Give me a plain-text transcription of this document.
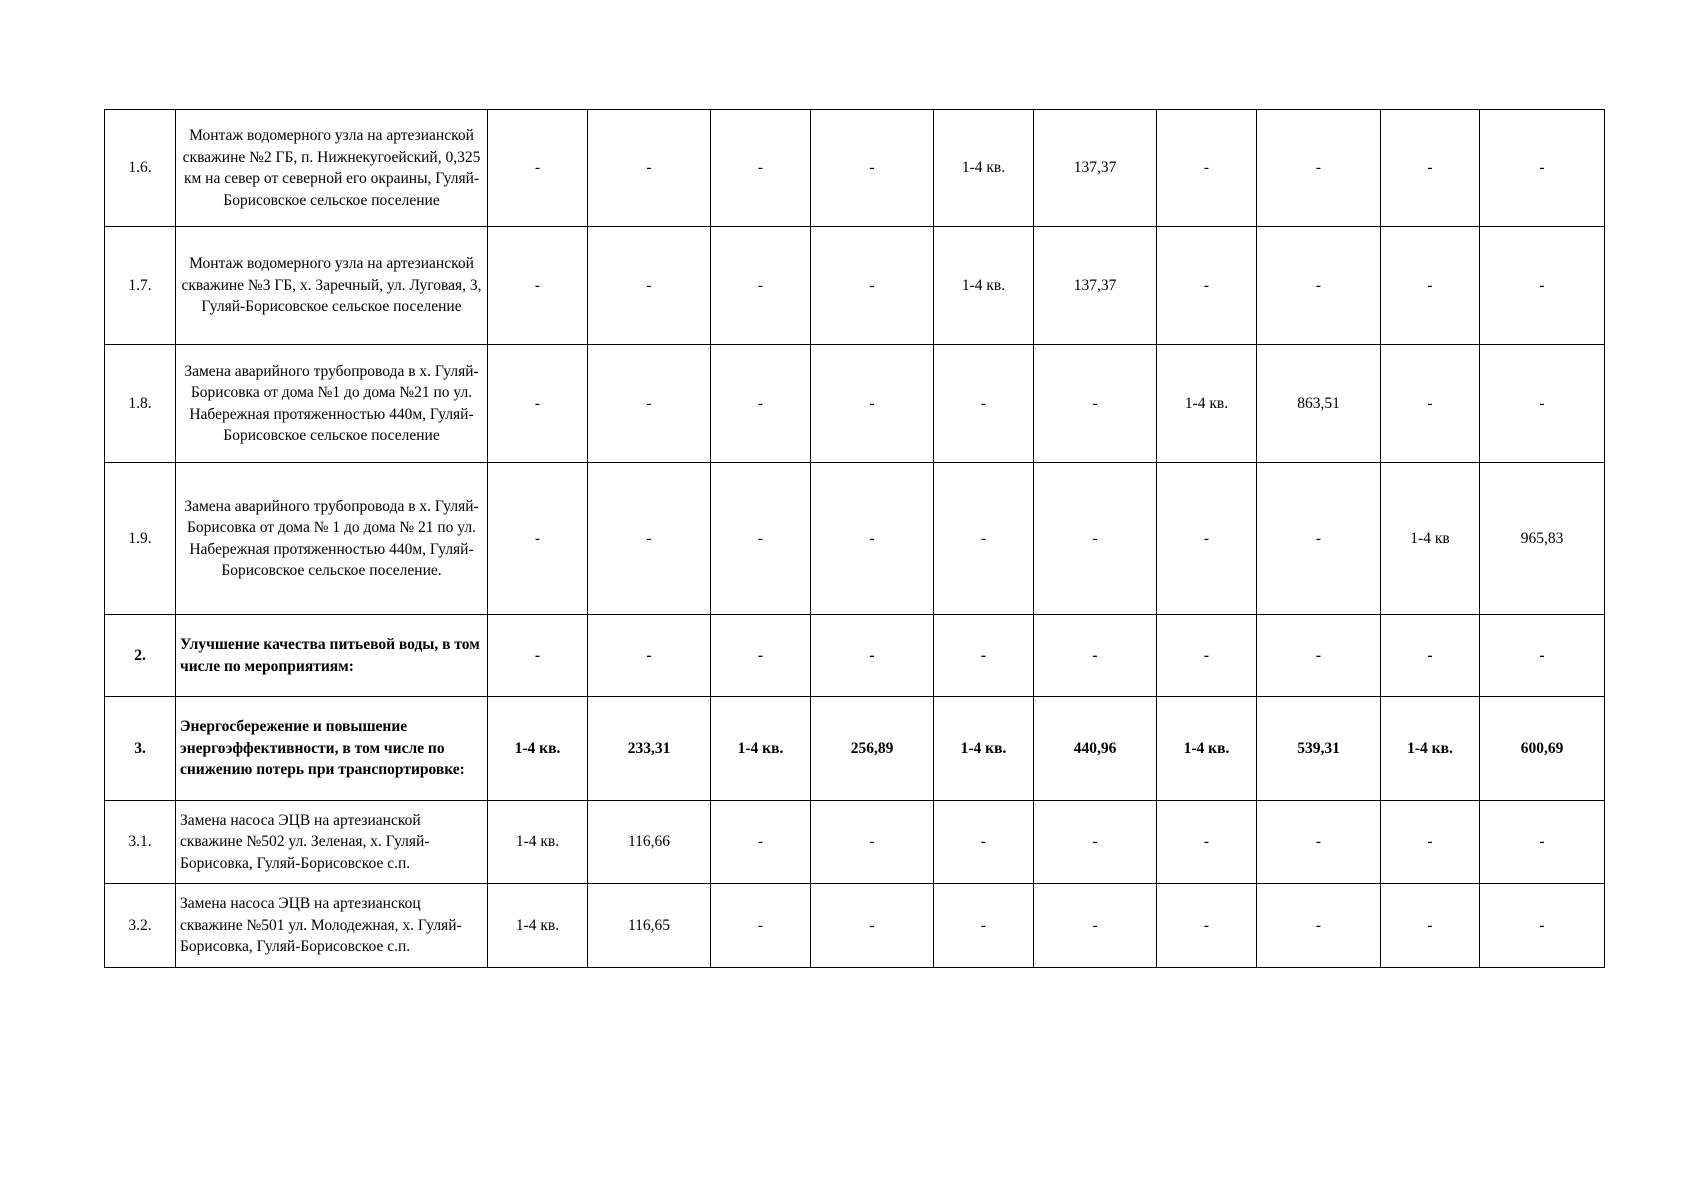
1.6.	Монтаж водомерного узла на артезианской скважине №2 ГБ, п. Нижнекугоейский, 0,325 км на север от северной его окраины, Гуляй-Борисовское сельское поселение	-	-	-	-	1-4 кв.	137,37	-	-	-	-
1.7.	Монтаж водомерного узла на артезианской скважине №3 ГБ, х. Заречный, ул. Луговая, 3, Гуляй-Борисовское сельское поселение	-	-	-	-	1-4 кв.	137,37	-	-	-	-
1.8.	Замена аварийного трубопровода в х. Гуляй-Борисовка от дома №1 до дома №21 по ул. Набережная протяженностью 440м, Гуляй-Борисовское сельское поселение	-	-	-	-	-	-	1-4 кв.	863,51	-	-
1.9.	Замена аварийного трубопровода в х. Гуляй-Борисовка от дома № 1 до дома № 21 по ул. Набережная протяженностью 440м, Гуляй-Борисовское сельское поселение.	-	-	-	-	-	-	-	-	1-4 кв	965,83
2.	Улучшение качества питьевой воды, в том числе по мероприятиям:	-	-	-	-	-	-	-	-	-	-
3.	Энергосбережение и повышение энергоэффективности, в том числе по снижению потерь при транспортировке:	1-4 кв.	233,31	1-4 кв.	256,89	1-4 кв.	440,96	1-4 кв.	539,31	1-4 кв.	600,69
3.1.	Замена насоса ЭЦВ на артезианской скважине №502 ул. Зеленая, х. Гуляй-Борисовка, Гуляй-Борисовское с.п.	1-4 кв.	116,66	-	-	-	-	-	-	-	-
3.2.	Замена насоса ЭЦВ на артезианскоц скважине №501 ул. Молодежная, х. Гуляй-Борисовка, Гуляй-Борисовское с.п.	1-4 кв.	116,65	-	-	-	-	-	-	-	-
